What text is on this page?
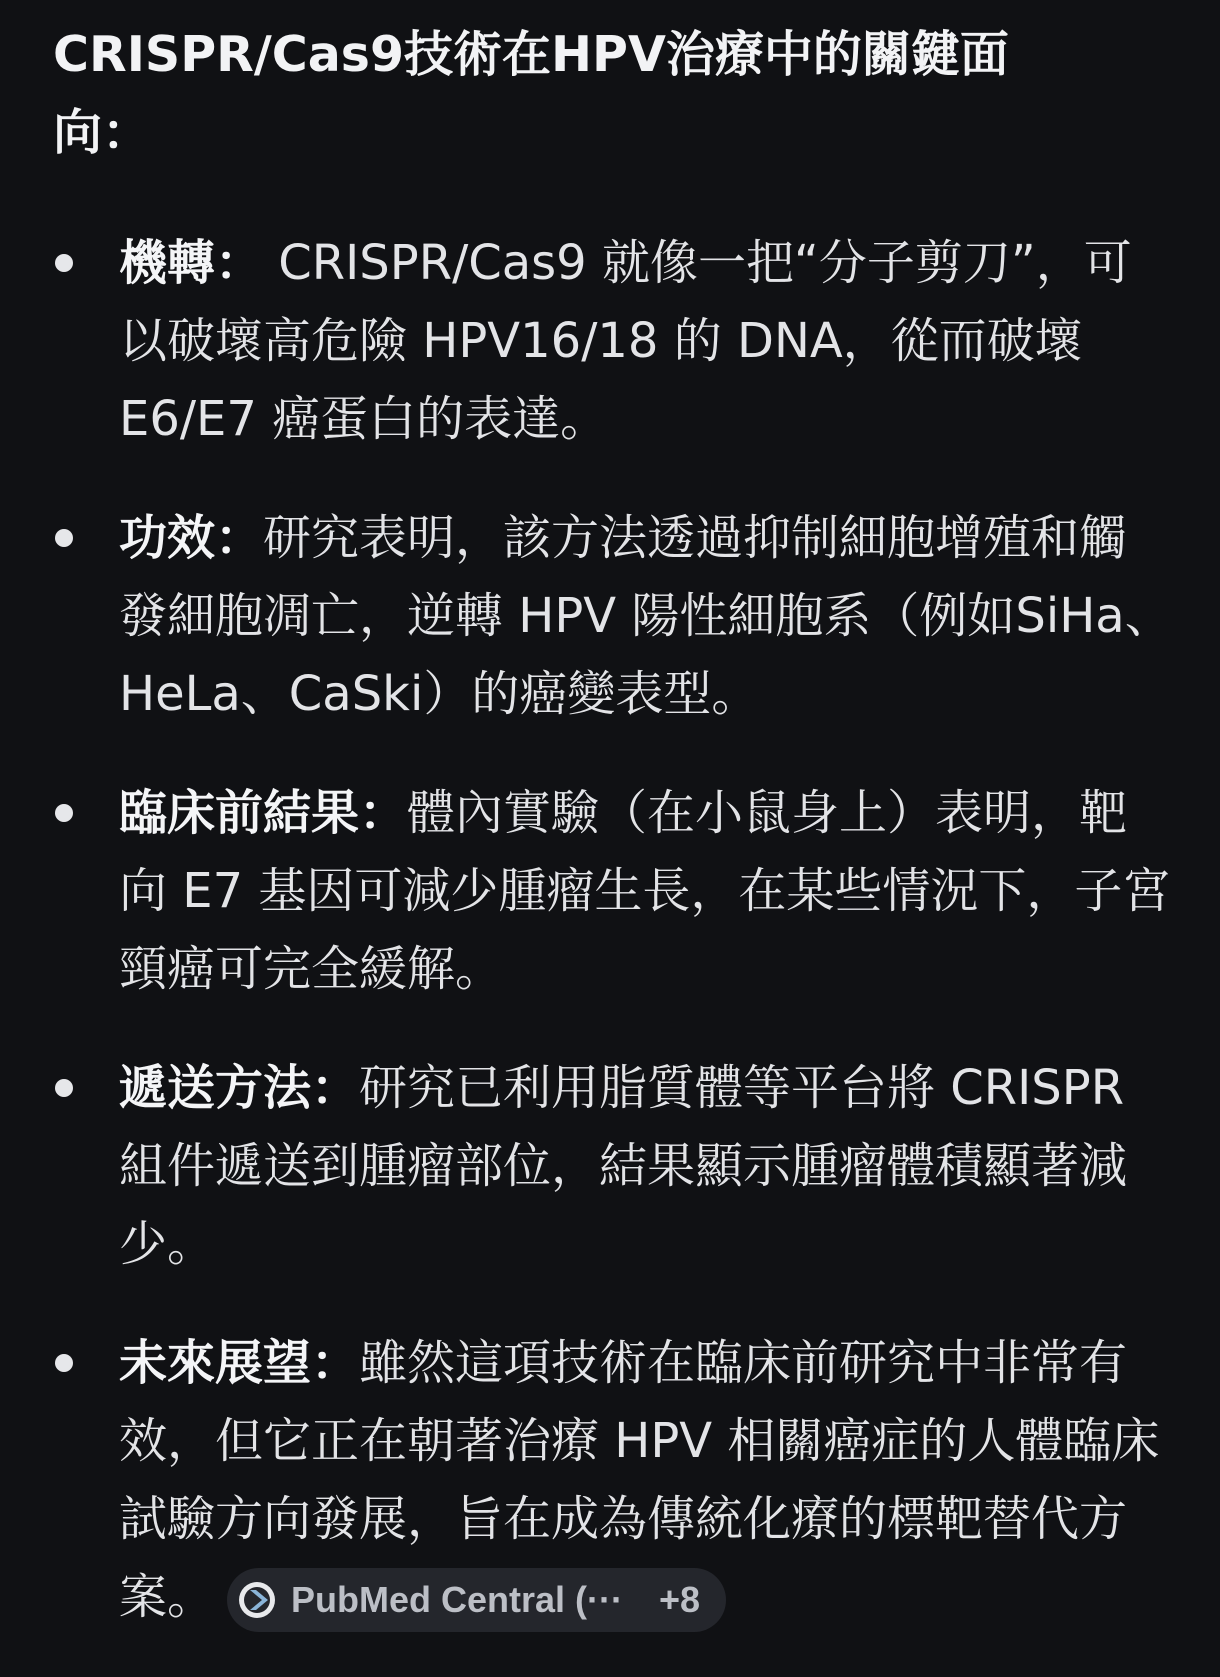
CRISPR/Cas9技術在HPV治療中的關鍵面向：

機轉： CRISPR/Cas9 就像一把“分子剪刀”，可以破壞高危險 HPV16/18 的 DNA，從而破壞 E6/E7 癌蛋白的表達。
功效：研究表明，該方法透過抑制細胞增殖和觸發細胞凋亡，逆轉 HPV 陽性細胞系（例如SiHa、HeLa、CaSki）的癌變表型。
臨床前結果：體內實驗（在小鼠身上）表明，靶向 E7 基因可減少腫瘤生長，在某些情況下，子宮頸癌可完全緩解。
遞送方法：研究已利用脂質體等平台將 CRISPR 組件遞送到腫瘤部位，結果顯示腫瘤體積顯著減少。
未來展望：雖然這項技術在臨床前研究中非常有效，但它正在朝著治療 HPV 相關癌症的人體臨床試驗方向發展，旨在成為傳統化療的標靶替代方案。 PubMed Central (··· +8
